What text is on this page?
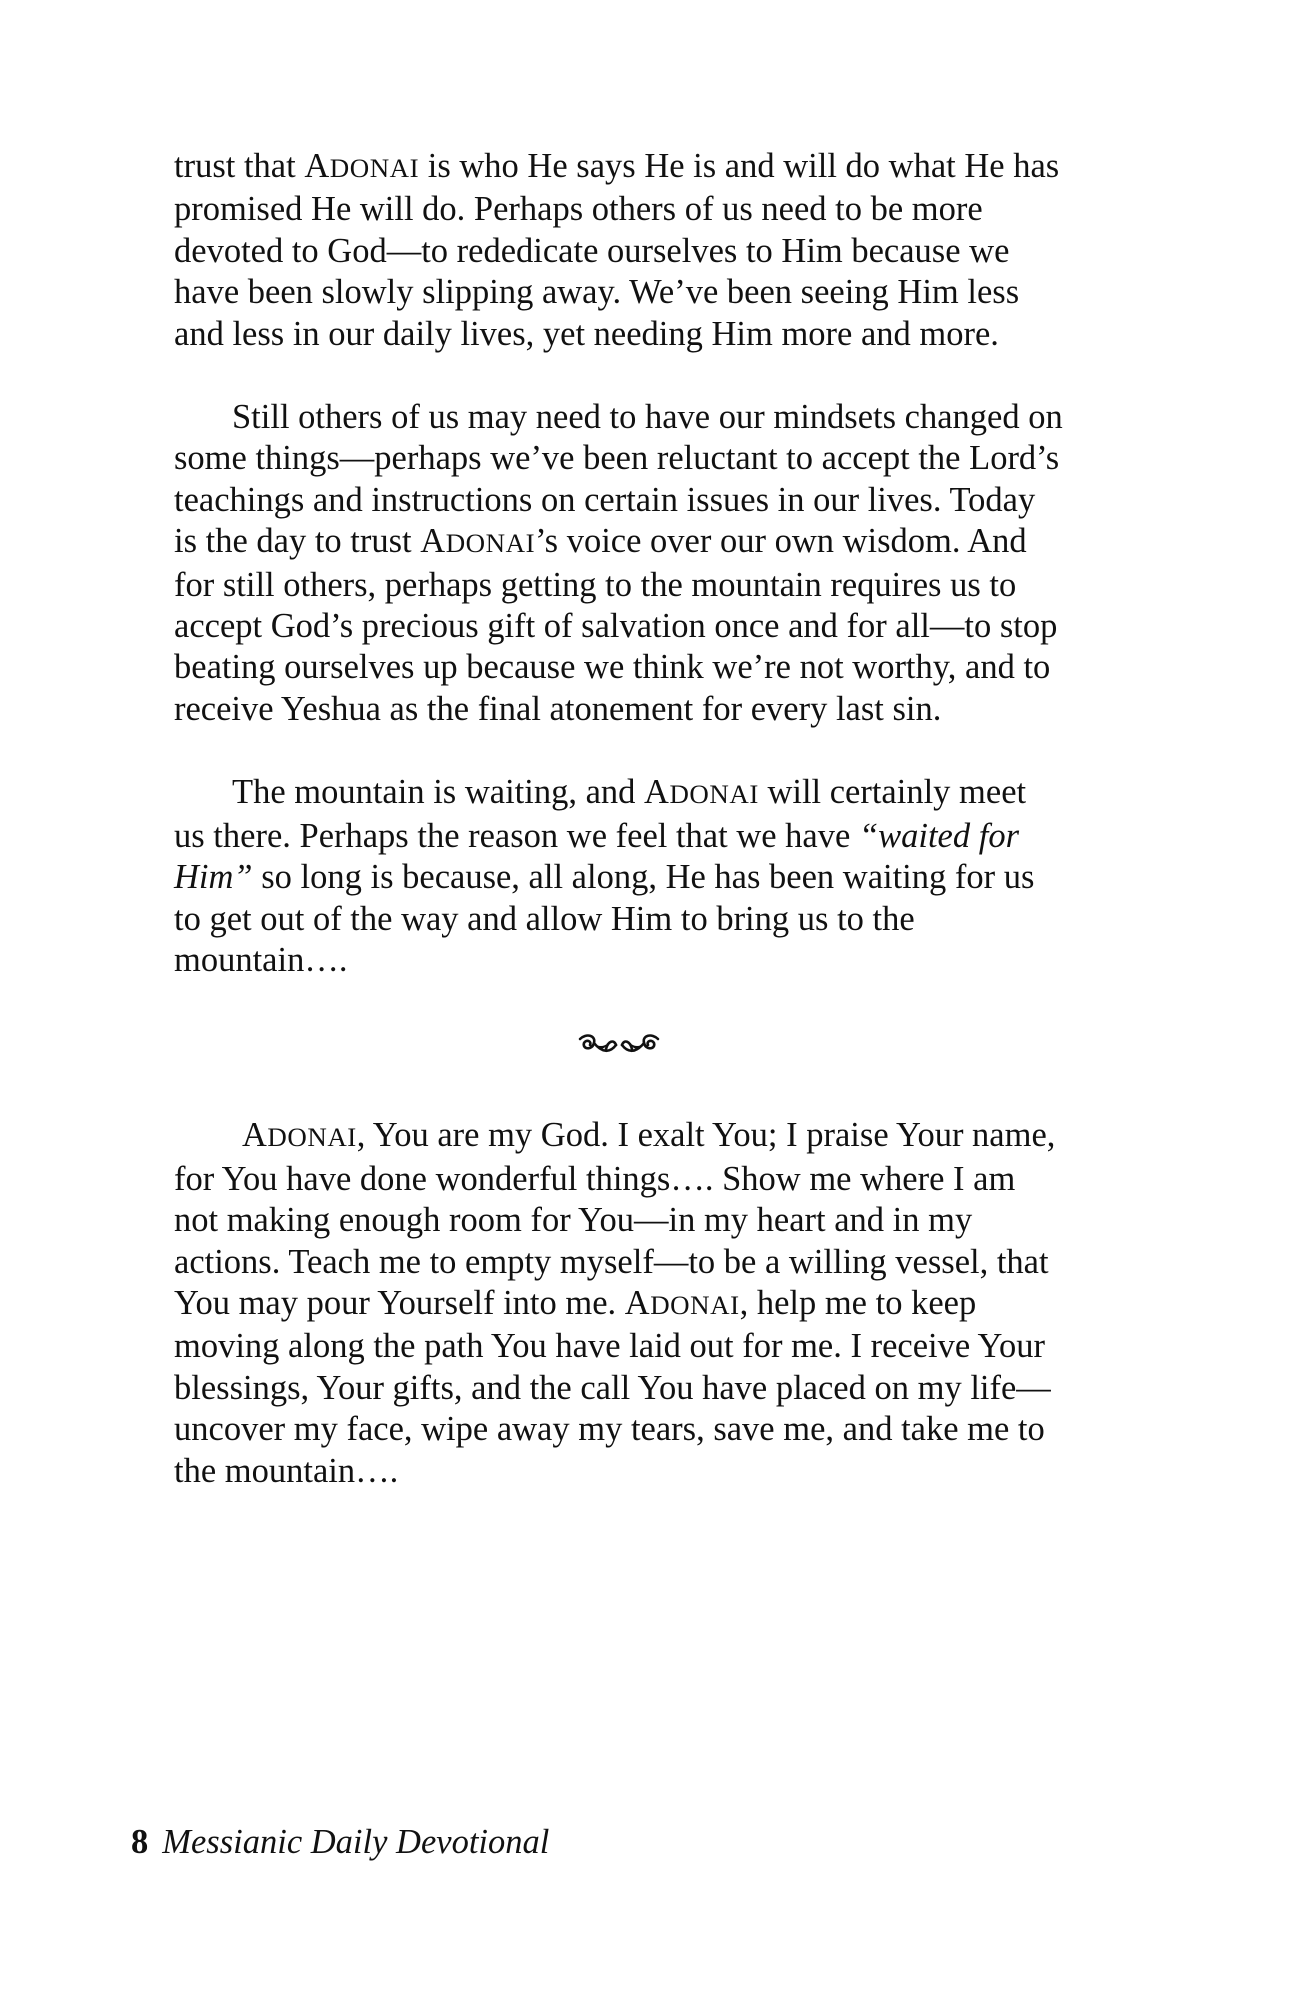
trust that ADONAI is who He says He is and will do what He has promised He will do. Perhaps others of us need to be more devoted to God—to rededicate ourselves to Him because we have been slowly slipping away. We’ve been seeing Him less and less in our daily lives, yet needing Him more and more.

Still others of us may need to have our mindsets changed on some things—perhaps we’ve been reluctant to accept the Lord’s teachings and instructions on certain issues in our lives. Today is the day to trust ADONAI’s voice over our own wisdom. And for still others, perhaps getting to the mountain requires us to accept God’s precious gift of salvation once and for all—to stop beating ourselves up because we think we’re not worthy, and to receive Yeshua as the final atonement for every last sin.

The mountain is waiting, and ADONAI will certainly meet us there. Perhaps the reason we feel that we have “waited for Him” so long is because, all along, He has been waiting for us to get out of the way and allow Him to bring us to the mountain….

ADONAI, You are my God. I exalt You; I praise Your name, for You have done wonderful things…. Show me where I am not making enough room for You—in my heart and in my actions. Teach me to empty myself—to be a willing vessel, that You may pour Yourself into me. ADONAI, help me to keep moving along the path You have laid out for me. I receive Your blessings, Your gifts, and the call You have placed on my life—uncover my face, wipe away my tears, save me, and take me to the mountain….

8 Messianic Daily Devotional
